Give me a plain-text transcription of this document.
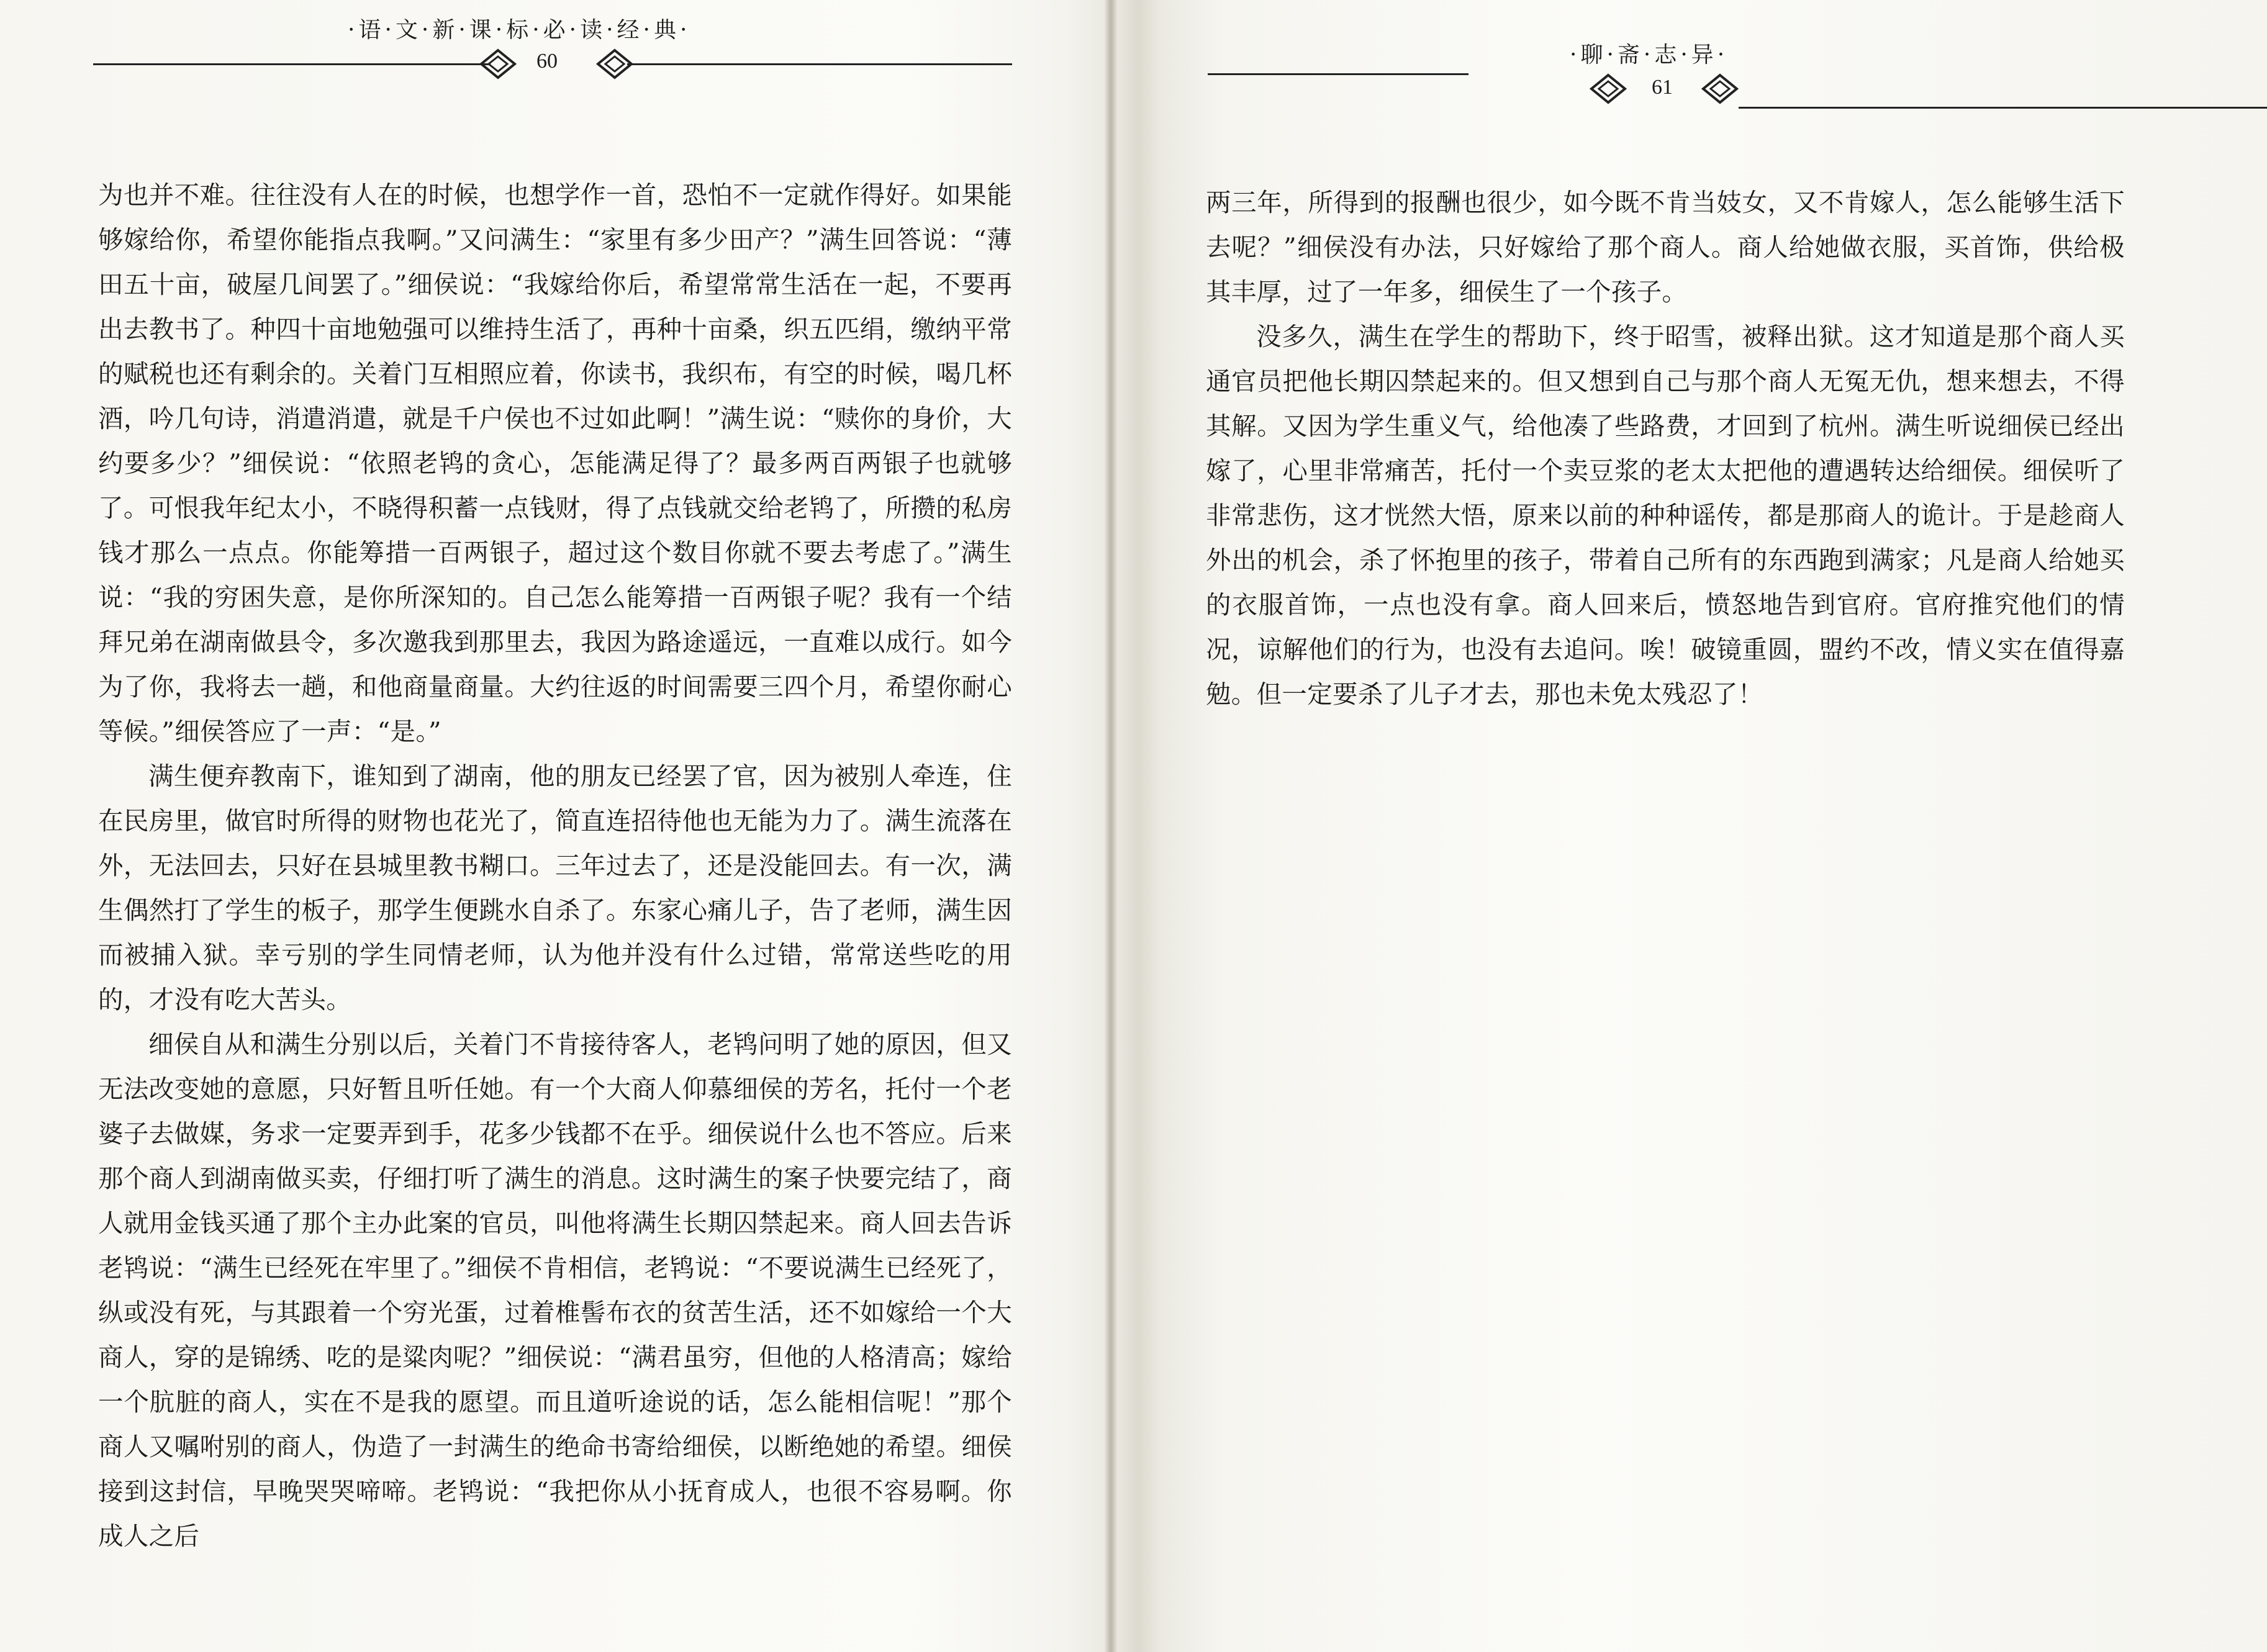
·语·文·新·课·标·必·读·经·典·
60

为也并不难。往往没有人在的时候，也想学作一首，恐怕不一定就作得好。如果能够嫁给你，希望你能指点我啊。”又问满生：“家里有多少田产？”满生回答说：“薄田五十亩，破屋几间罢了。”细侯说：“我嫁给你后，希望常常生活在一起，不要再出去教书了。种四十亩地勉强可以维持生活了，再种十亩桑，织五匹绢，缴纳平常的赋税也还有剩余的。关着门互相照应着，你读书，我织布，有空的时候，喝几杯酒，吟几句诗，消遣消遣，就是千户侯也不过如此啊！”满生说：“赎你的身价，大约要多少？”细侯说：“依照老鸨的贪心，怎能满足得了？最多两百两银子也就够了。可恨我年纪太小，不晓得积蓄一点钱财，得了点钱就交给老鸨了，所攒的私房钱才那么一点点。你能筹措一百两银子，超过这个数目你就不要去考虑了。”满生说：“我的穷困失意，是你所深知的。自己怎么能筹措一百两银子呢？我有一个结拜兄弟在湖南做县令，多次邀我到那里去，我因为路途遥远，一直难以成行。如今为了你，我将去一趟，和他商量商量。大约往返的时间需要三四个月，希望你耐心等候。”细侯答应了一声：“是。”

满生便弃教南下，谁知到了湖南，他的朋友已经罢了官，因为被别人牵连，住在民房里，做官时所得的财物也花光了，简直连招待他也无能为力了。满生流落在外，无法回去，只好在县城里教书糊口。三年过去了，还是没能回去。有一次，满生偶然打了学生的板子，那学生便跳水自杀了。东家心痛儿子，告了老师，满生因而被捕入狱。幸亏别的学生同情老师，认为他并没有什么过错，常常送些吃的用的，才没有吃大苦头。

细侯自从和满生分别以后，关着门不肯接待客人，老鸨问明了她的原因，但又无法改变她的意愿，只好暂且听任她。有一个大商人仰慕细侯的芳名，托付一个老婆子去做媒，务求一定要弄到手，花多少钱都不在乎。细侯说什么也不答应。后来那个商人到湖南做买卖，仔细打听了满生的消息。这时满生的案子快要完结了，商人就用金钱买通了那个主办此案的官员，叫他将满生长期囚禁起来。商人回去告诉老鸨说：“满生已经死在牢里了。”细侯不肯相信，老鸨说：“不要说满生已经死了，纵或没有死，与其跟着一个穷光蛋，过着椎髻布衣的贫苦生活，还不如嫁给一个大商人，穿的是锦绣、吃的是粱肉呢？”细侯说：“满君虽穷，但他的人格清高；嫁给一个肮脏的商人，实在不是我的愿望。而且道听途说的话，怎么能相信呢！”那个商人又嘱咐别的商人，伪造了一封满生的绝命书寄给细侯，以断绝她的希望。细侯接到这封信，早晚哭哭啼啼。老鸨说：“我把你从小抚育成人，也很不容易啊。你成人之后

·聊·斋·志·异·
61

两三年，所得到的报酬也很少，如今既不肯当妓女，又不肯嫁人，怎么能够生活下去呢？”细侯没有办法，只好嫁给了那个商人。商人给她做衣服，买首饰，供给极其丰厚，过了一年多，细侯生了一个孩子。

没多久，满生在学生的帮助下，终于昭雪，被释出狱。这才知道是那个商人买通官员把他长期囚禁起来的。但又想到自己与那个商人无冤无仇，想来想去，不得其解。又因为学生重义气，给他凑了些路费，才回到了杭州。满生听说细侯已经出嫁了，心里非常痛苦，托付一个卖豆浆的老太太把他的遭遇转达给细侯。细侯听了非常悲伤，这才恍然大悟，原来以前的种种谣传，都是那商人的诡计。于是趁商人外出的机会，杀了怀抱里的孩子，带着自己所有的东西跑到满家；凡是商人给她买的衣服首饰，一点也没有拿。商人回来后，愤怒地告到官府。官府推究他们的情况，谅解他们的行为，也没有去追问。唉！破镜重圆，盟约不改，情义实在值得嘉勉。但一定要杀了儿子才去，那也未免太残忍了！
